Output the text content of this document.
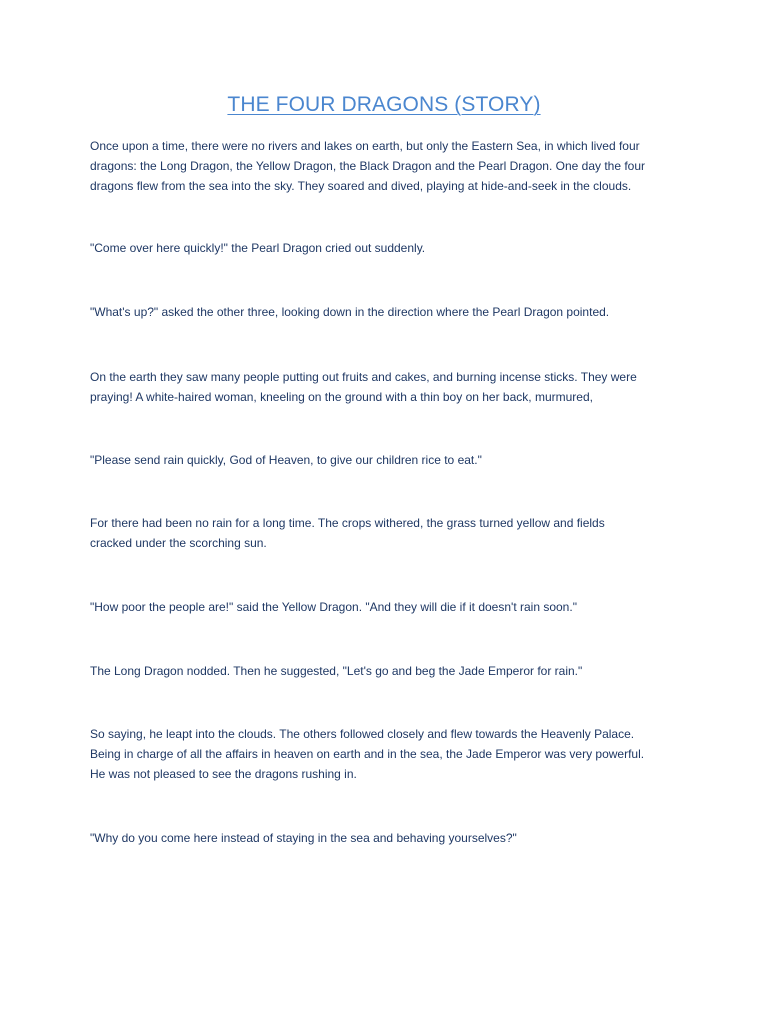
THE FOUR DRAGONS (STORY)

Once upon a time, there were no rivers and lakes on earth, but only the Eastern Sea, in which lived four
dragons: the Long Dragon, the Yellow Dragon, the Black Dragon and the Pearl Dragon. One day the four
dragons flew from the sea into the sky. They soared and dived, playing at hide-and-seek in the clouds.

"Come over here quickly!" the Pearl Dragon cried out suddenly.

"What's up?" asked the other three, looking down in the direction where the Pearl Dragon pointed.

On the earth they saw many people putting out fruits and cakes, and burning incense sticks. They were
praying! A white-haired woman, kneeling on the ground with a thin boy on her back, murmured,

"Please send rain quickly, God of Heaven, to give our children rice to eat."

For there had been no rain for a long time. The crops withered, the grass turned yellow and fields
cracked under the scorching sun.

"How poor the people are!" said the Yellow Dragon. "And they will die if it doesn't rain soon."

The Long Dragon nodded. Then he suggested, "Let's go and beg the Jade Emperor for rain."

So saying, he leapt into the clouds. The others followed closely and flew towards the Heavenly Palace.
Being in charge of all the affairs in heaven on earth and in the sea, the Jade Emperor was very powerful.
He was not pleased to see the dragons rushing in.

"Why do you come here instead of staying in the sea and behaving yourselves?"
